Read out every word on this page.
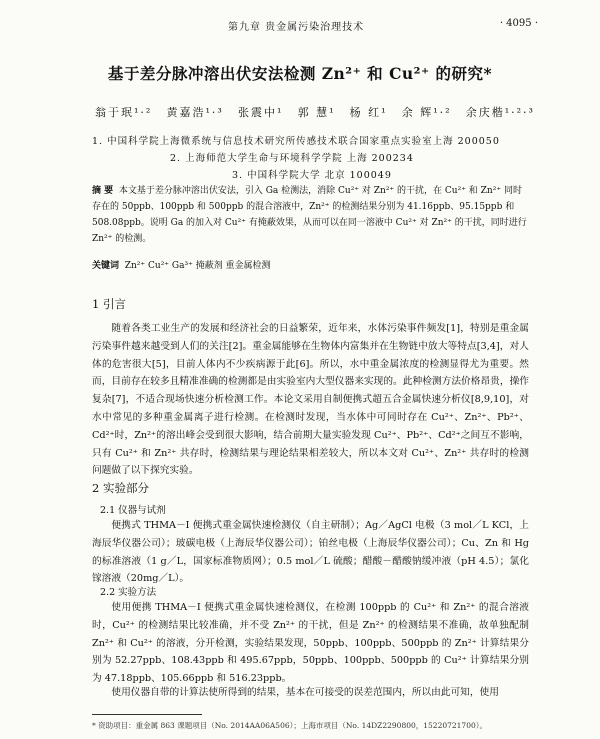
第九章 贵金属污染治理技术	· 4095 ·
基于差分脉冲溶出伏安法检测 Zn²⁺ 和 Cu²⁺ 的研究*
翁于珉¹·² 黄嘉浩¹·³ 张震中¹ 郭 慧¹ 杨 红¹ 余 辉¹·² 余庆楷¹·²·³
1. 中国科学院上海微系统与信息技术研究所传感技术联合国家重点实验室上海 200050
2. 上海师范大学生命与环境科学学院 上海 200234
3. 中国科学院大学 北京 100049
摘 要 本文基于差分脉冲溶出伏安法，引入 Ga 检测法，消除 Cu²⁺ 对 Zn²⁺ 的干扰，在 Cu²⁺ 和 Zn²⁺ 同时存在的 50ppb、100ppb 和 500ppb 的混合溶液中，Zn²⁺ 的检测结果分别为 41.16ppb、95.15ppb 和 508.08ppb。说明 Ga 的加入对 Cu²⁺ 有掩蔽效果，从而可以在同一溶液中 Cu²⁺ 对 Zn²⁺ 的干扰，同时进行 Zn²⁺ 的检测。
关键词 Zn²⁺ Cu²⁺ Ga³⁺ 掩蔽剂 重金属检测
1 引言
随着各类工业生产的发展和经济社会的日益繁荣，近年来，水体污染事件频发[1]，特别是重金属污染事件越来越受到人们的关注[2]。重金属能够在生物体内富集并在生物链中放大等特点[3,4]，对人体的危害很大[5]，目前人体内不少疾病源于此[6]。所以，水中重金属浓度的检测显得尤为重要。然而，目前存在较多且精准准确的检测都是由实验室内大型仪器来实现的。此种检测方法价格昂贵，操作复杂[7]，不适合现场快速分析检测工作。本论文采用自制便携式超五合金属快速分析仪[8,9,10]，对水中常见的多种重金属离子进行检测。在检测时发现，当水体中可同时存在 Cu²⁺、Zn²⁺、Pb²⁺、Cd²⁺时，Zn²⁺的溶出峰会受到很大影响，结合前期大量实验发现 Cu²⁺、Pb²⁺、Cd²⁺之间互不影响，只有 Cu²⁺ 和 Zn²⁺ 共存时，检测结果与理论结果相差较大，所以本文对 Cu²⁺、Zn²⁺ 共存时的检测问题做了以下探究实验。
2 实验部分
2.1 仪器与试剂
便携式 THMA－I 便携式重金属快速检测仪（自主研制）；Ag／AgCl 电极（3 mol／L KCl，上海辰华仪器公司）；玻碳电极（上海辰华仪器公司）；铂丝电极（上海辰华仪器公司）；Cu、Zn 和 Hg 的标准溶液（1 g／L，国家标准物质网）；0.5 mol／L 硫酸；醋酸－醋酸钠缓冲液（pH 4.5）；氯化镓溶液（20mg／L）。
2.2 实验方法
使用便携 THMA－I 便携式重金属快速检测仪，在检测 100ppb 的 Cu²⁺ 和 Zn²⁺ 的混合溶液时，Cu²⁺ 的检测结果比较准确，并不受 Zn²⁺ 的干扰，但是 Zn²⁺ 的检测结果不准确，故单独配制 Zn²⁺ 和 Cu²⁺ 的溶液，分开检测，实验结果发现，50ppb、100ppb、500ppb 的 Zn²⁺ 计算结果分别为 52.27ppb、108.43ppb 和 495.67ppb，50ppb、100ppb、500ppb 的 Cu²⁺ 计算结果分别为 47.18ppb、105.66ppb 和 516.23ppb。
使用仪器自带的计算法使所得到的结果，基本在可接受的误差范围内，所以由此可知，使用
* 资助项目：重金属 863 课题项目（No. 2014AA06A506）；上海市项目（No. 14DZ2290800，15220721700）。
